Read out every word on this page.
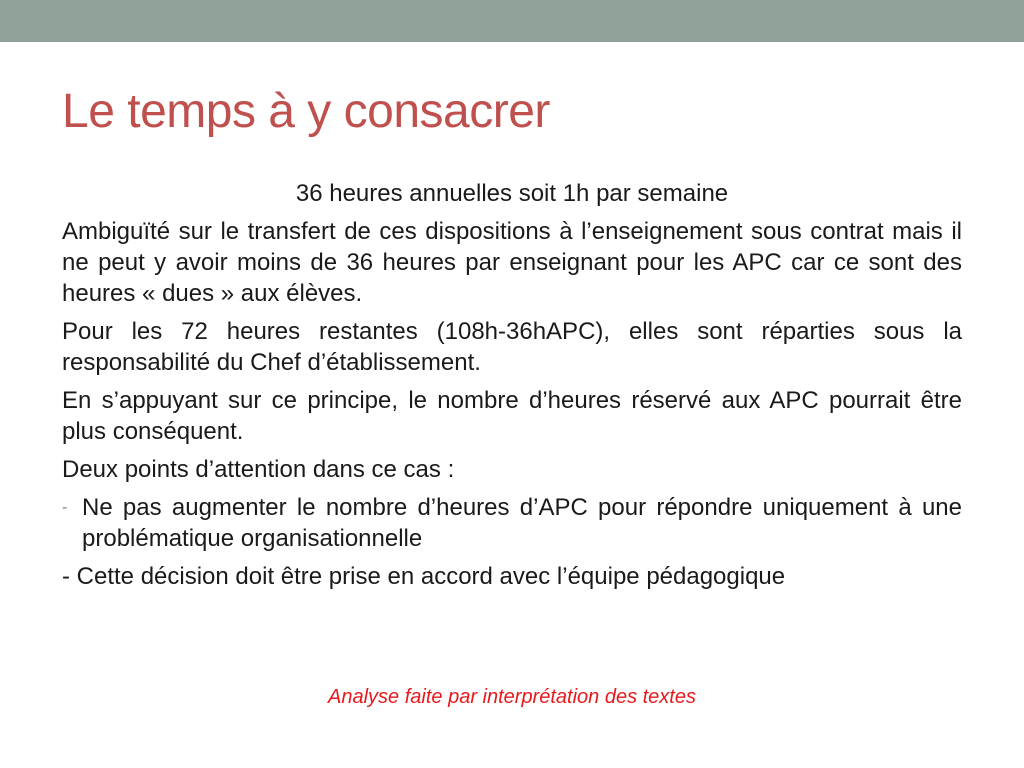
Le temps à y consacrer

36 heures annuelles soit 1h par semaine

Ambiguïté sur le transfert de ces dispositions à l’enseignement sous contrat mais il ne peut y avoir moins de 36 heures par enseignant pour les APC car ce sont des heures « dues » aux élèves.

Pour les 72 heures restantes (108h-36hAPC), elles sont réparties sous la responsabilité du Chef d’établissement.

En s’appuyant sur ce principe, le nombre d’heures réservé aux APC pourrait être plus conséquent.

Deux points d’attention dans ce cas :

- Ne pas augmenter le nombre d’heures d’APC pour répondre uniquement à une problématique organisationnelle

- Cette décision doit être prise en accord avec l’équipe pédagogique

Analyse faite par interprétation des textes
